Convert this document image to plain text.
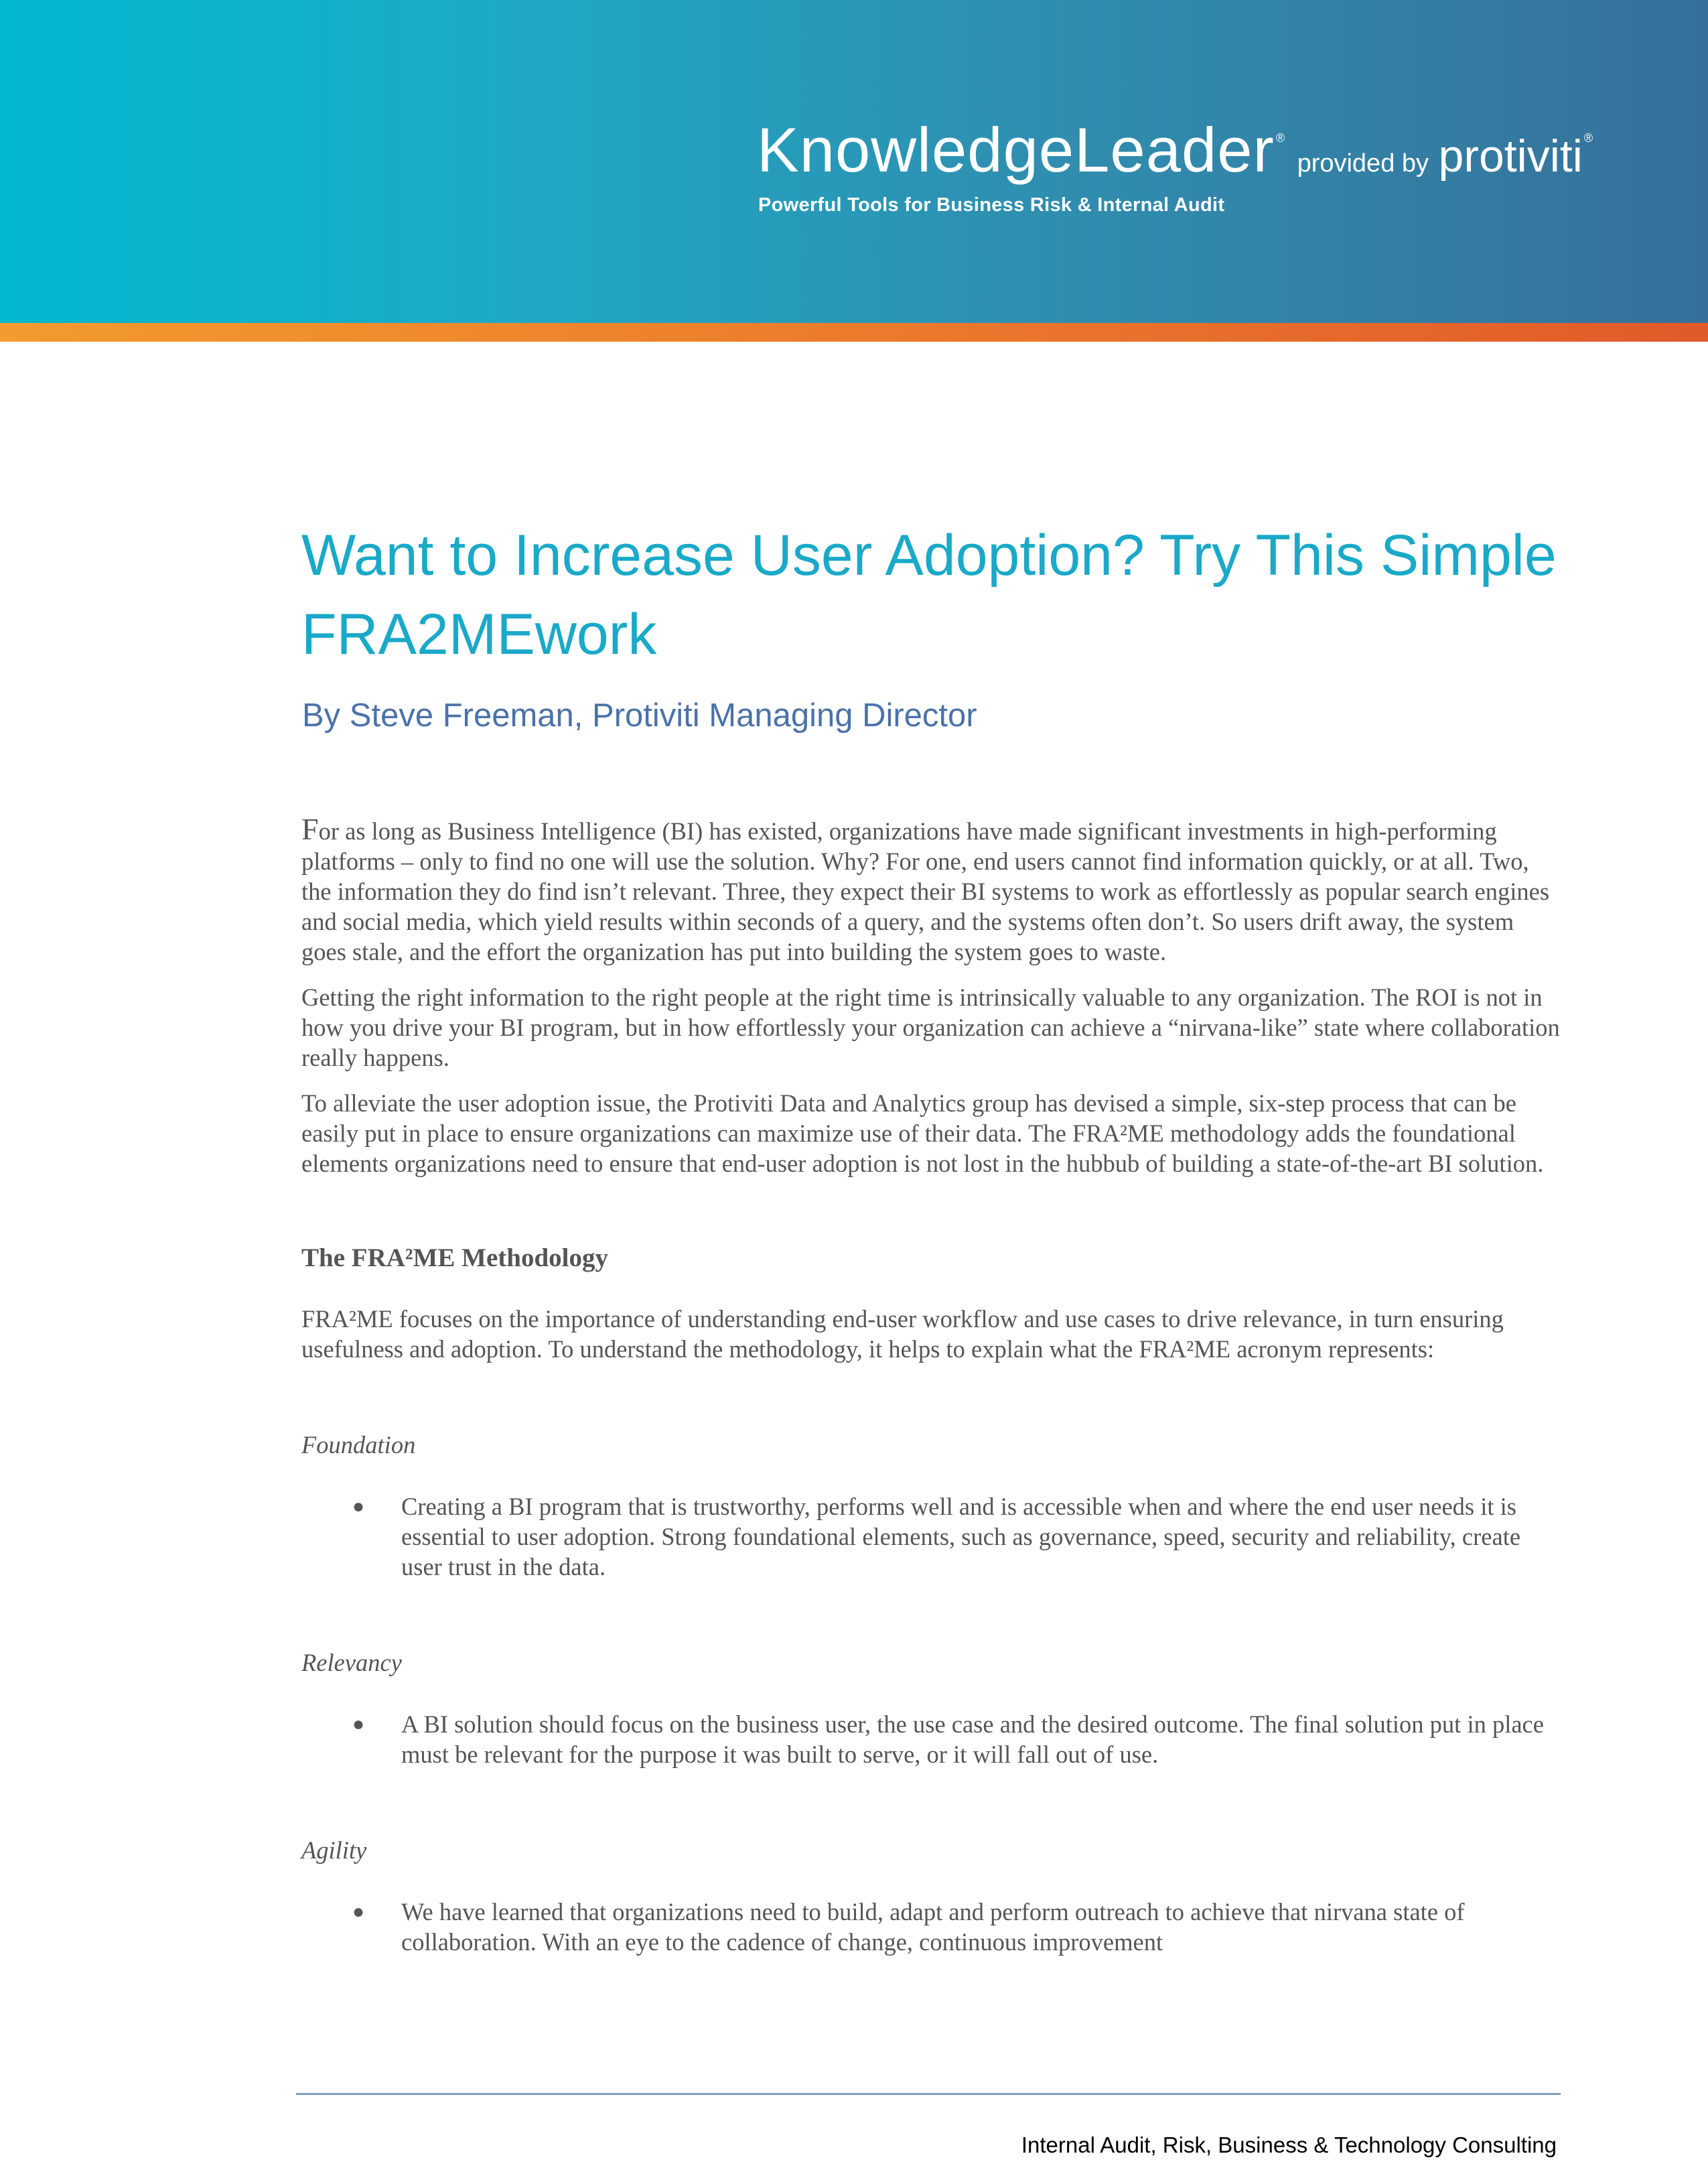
KnowledgeLeader ® provided by protiviti ®
Powerful Tools for Business Risk & Internal Audit
Want to Increase User Adoption? Try This Simple FRA2MEwork
By Steve Freeman, Protiviti Managing Director

For as long as Business Intelligence (BI) has existed, organizations have made significant investments in high-performing platforms – only to find no one will use the solution. Why? For one, end users cannot find information quickly, or at all. Two, the information they do find isn’t relevant. Three, they expect their BI systems to work as effortlessly as popular search engines and social media, which yield results within seconds of a query, and the systems often don’t. So users drift away, the system goes stale, and the effort the organization has put into building the system goes to waste.

Getting the right information to the right people at the right time is intrinsically valuable to any organization. The ROI is not in how you drive your BI program, but in how effortlessly your organization can achieve a “nirvana-like” state where collaboration really happens.

To alleviate the user adoption issue, the Protiviti Data and Analytics group has devised a simple, six-step process that can be easily put in place to ensure organizations can maximize use of their data. The FRA²ME methodology adds the foundational elements organizations need to ensure that end-user adoption is not lost in the hubbub of building a state-of-the-art BI solution.

The FRA²ME Methodology

FRA²ME focuses on the importance of understanding end-user workflow and use cases to drive relevance, in turn ensuring usefulness and adoption. To understand the methodology, it helps to explain what the FRA²ME acronym represents:

Foundation

● Creating a BI program that is trustworthy, performs well and is accessible when and where the end user needs it is essential to user adoption. Strong foundational elements, such as governance, speed, security and reliability, create user trust in the data.

Relevancy

● A BI solution should focus on the business user, the use case and the desired outcome. The final solution put in place must be relevant for the purpose it was built to serve, or it will fall out of use.

Agility

● We have learned that organizations need to build, adapt and perform outreach to achieve that nirvana state of collaboration. With an eye to the cadence of change, continuous improvement

Internal Audit, Risk, Business & Technology Consulting
